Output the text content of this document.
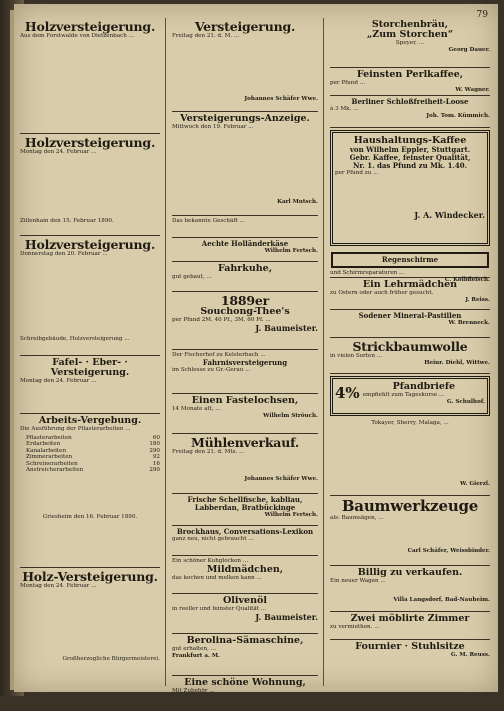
79
Holzversteigerung.
Aus dem Forstwalde von Dietzenbach ...
Holzversteigerung.
Montag den 24. Februar ...
Zillenhain den 15. Februar 1890.
Holzversteigerung.
Donnerstag den 20. Februar ...
Schreibgebäude, Holzversteigerung ...
Fafel- · Eber- · Versteigerung.
Montag den 24. Februar ...
Arbeits-Vergebung.
Die Ausführung der Pflasterarbeiten ...
Pflasterarbeiten	60
Erdarbeiten	180
Kanalarbeiten	290
Zimmerarbeiten	92
Schreinerarbeiten	16
Anstreicherarbeiten	290
Griesheim den 16. Februar 1890.
Holz-Versteigerung.
Montag den 24. Februar ...
Großherzogliche Bürgermeisterei.
Versteigerung.
Freitag den 21. d. M. ...
Johannes Schäfer Wwe.
Versteigerungs-Anzeige.
Mittwoch den 19. Februar ...
Karl Mutsch.
Das bekannte Geschäft ...
Aechte Holländerkäse
Wilhelm Fertsch.
Fahrkuhe,
gut gebaut, ...
1889er
Souchong-Thee's
per Pfund 2M. 40 Pf., 3M. 60 Pf. ...
J. Baumeister.
Der Fischerhof zu Kelsterbach ...
Fahrnisversteigerung
im Schlosse zu Gr.-Gerau ...
Einen Fastelochsen,
14 Monate alt, ...
Wilhelm Ströuch.
Mühlenverkauf.
Freitag den 21. d. Mts. ...
Johannes Schäfer Wwe.
Frische Schellfische, kabliau,
Labberdan, Bratbückinge
Wilhelm Fertsch.
Brockhaus, Conversations-Lexikon
ganz neu, nicht gebraucht ...
Ein schöner Kuhglocken ...
Mildmädchen,
das kochen und melken kann ...
Olivenöl
in reeller und feinster Qualität ...
J. Baumeister.
Berolina-Sämaschine,
gut erhalten, ...
Frankfurt a. M.
Eine schöne Wohnung,
Mit Zubehör ...
Storchenbräu,
„Zum Storchen“
Speyer, ...
Georg Dauer.
Feinsten Perlkaffee,
per Pfund ...
W. Wagner.
Berliner Schloßfreiheit-Loose
à 3 Mk. ...
Joh. Tom. Kümmich.
Haushaltungs-Kaffee
von Wilhelm Eppler, Stuttgart.
Gebr. Kaffee, feinster Qualität,
Nr. 1. das Pfund zu Mk. 1.40.
per Pfund zu ...
J. A. Windecker.
Regenschirme
und Schirmreparaturen ...
C. Kolbfleisch.
Ein Lehrmädchen
zu Ostern oder auch früher gesucht.
J. Reiss.
Sodener Mineral-Pastillen
W. Brenneck.
Strickbaumwolle
in vielen Sorten ...
Heinr. Diehl, Wittwe.
4%	Pfandbriefe
empfiehlt zum Tageskurse ...
G. Schulhof.
Tokayer, Sherry, Malaga, ...
W. Gierzl.
Baumwerkzeuge
als: Baumsägen, ...
Carl Schäfer, Weissbinder.
Billig zu verkaufen.
Ein neuer Wagen ...
Villa Langsdorf, Bad-Nauheim.
Zwei möblirte Zimmer
zu vermiethen. ...
Fournier · Stuhlsitze
G. M. Reuss.
